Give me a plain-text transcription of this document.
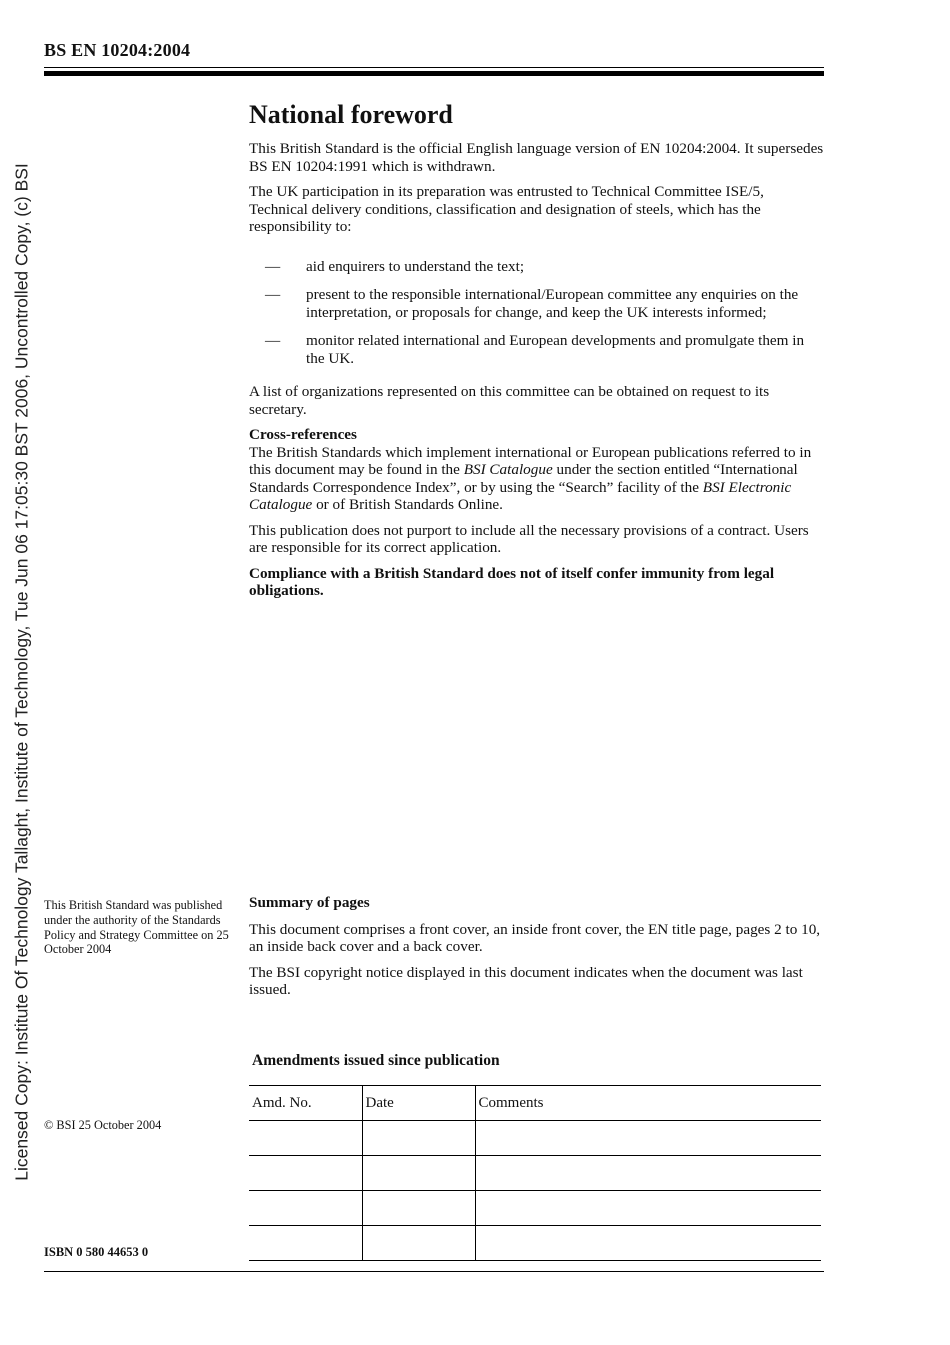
BS EN 10204:2004
Licensed Copy: Institute Of Technology Tallaght, Institute of Technology, Tue Jun 06 17:05:30 BST 2006, Uncontrolled Copy, (c) BSI
National foreword

This British Standard is the official English language version of EN 10204:2004. It supersedes BS EN 10204:1991 which is withdrawn.

The UK participation in its preparation was entrusted to Technical Committee ISE/5, Technical delivery conditions, classification and designation of steels, which has the responsibility to:

— aid enquirers to understand the text;
— present to the responsible international/European committee any enquiries on the interpretation, or proposals for change, and keep the UK interests informed;
— monitor related international and European developments and promulgate them in the UK.

A list of organizations represented on this committee can be obtained on request to its secretary.

Cross-references

The British Standards which implement international or European publications referred to in this document may be found in the BSI Catalogue under the section entitled “International Standards Correspondence Index”, or by using the “Search” facility of the BSI Electronic Catalogue or of British Standards Online.

This publication does not purport to include all the necessary provisions of a contract. Users are responsible for its correct application.

Compliance with a British Standard does not of itself confer immunity from legal obligations.

This British Standard was published under the authority of the Standards Policy and Strategy Committee on 25 October 2004
© BSI 25 October 2004
ISBN 0 580 44653 0

Summary of pages

This document comprises a front cover, an inside front cover, the EN title page, pages 2 to 10, an inside back cover and a back cover.

The BSI copyright notice displayed in this document indicates when the document was last issued.

Amendments issued since publication
Amd. No.	Date	Comments
